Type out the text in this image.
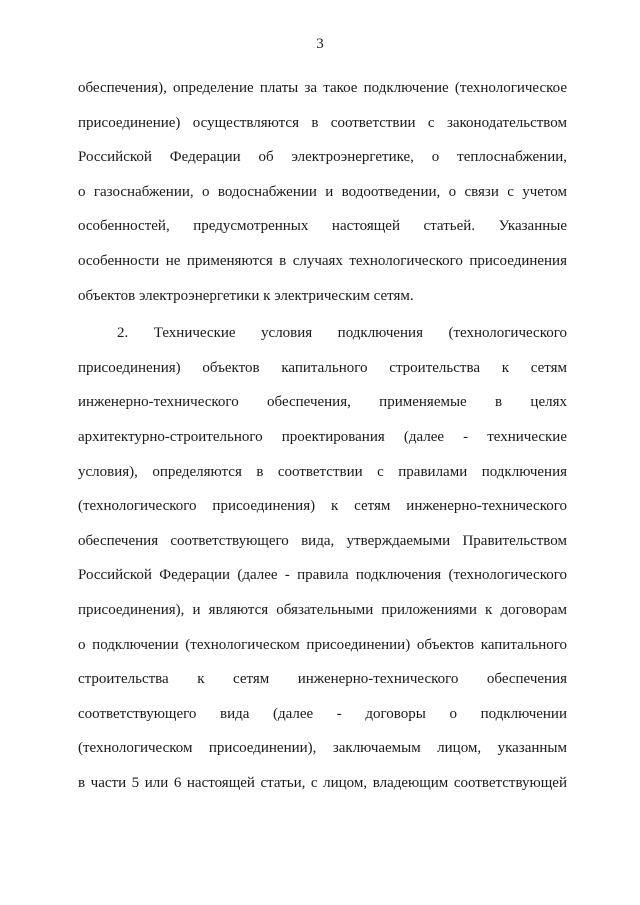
3
обеспечения), определение платы за такое подключение (технологическое
присоединение) осуществляются в соответствии с законодательством
Российской Федерации об электроэнергетике, о теплоснабжении,
о газоснабжении, о водоснабжении и водоотведении, о связи с учетом
особенностей, предусмотренных настоящей статьей. Указанные
особенности не применяются в случаях технологического присоединения
объектов электроэнергетики к электрическим сетям.
2. Технические условия подключения (технологического
присоединения) объектов капитального строительства к сетям
инженерно-технического обеспечения, применяемые в целях
архитектурно-строительного проектирования (далее - технические
условия), определяются в соответствии с правилами подключения
(технологического присоединения) к сетям инженерно-технического
обеспечения соответствующего вида, утверждаемыми Правительством
Российской Федерации (далее - правила подключения (технологического
присоединения), и являются обязательными приложениями к договорам
о подключении (технологическом присоединении) объектов капитального
строительства к сетям инженерно-технического обеспечения
соответствующего вида (далее - договоры о подключении
(технологическом присоединении), заключаемым лицом, указанным
в части 5 или 6 настоящей статьи, с лицом, владеющим соответствующей
